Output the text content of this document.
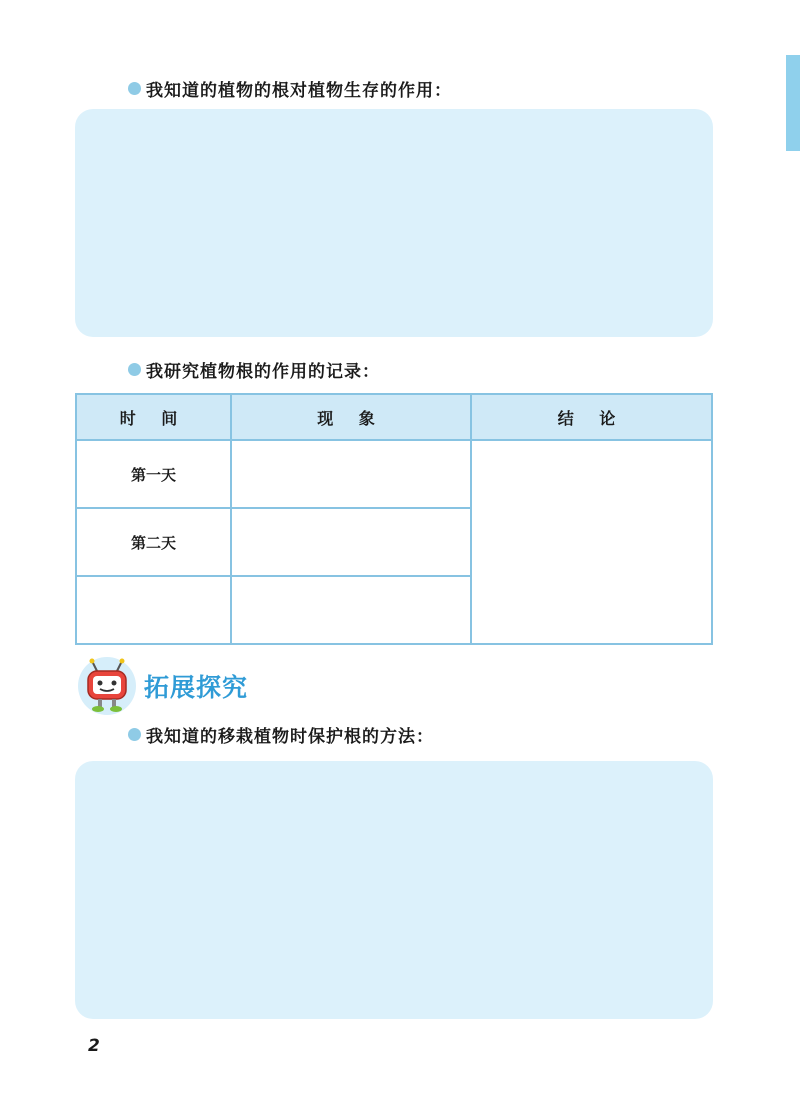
我知道的植物的根对植物生存的作用：
我研究植物根的作用的记录：
时 间	现 象	结 论
第一天		
第二天		

拓展探究
我知道的移栽植物时保护根的方法：
2
